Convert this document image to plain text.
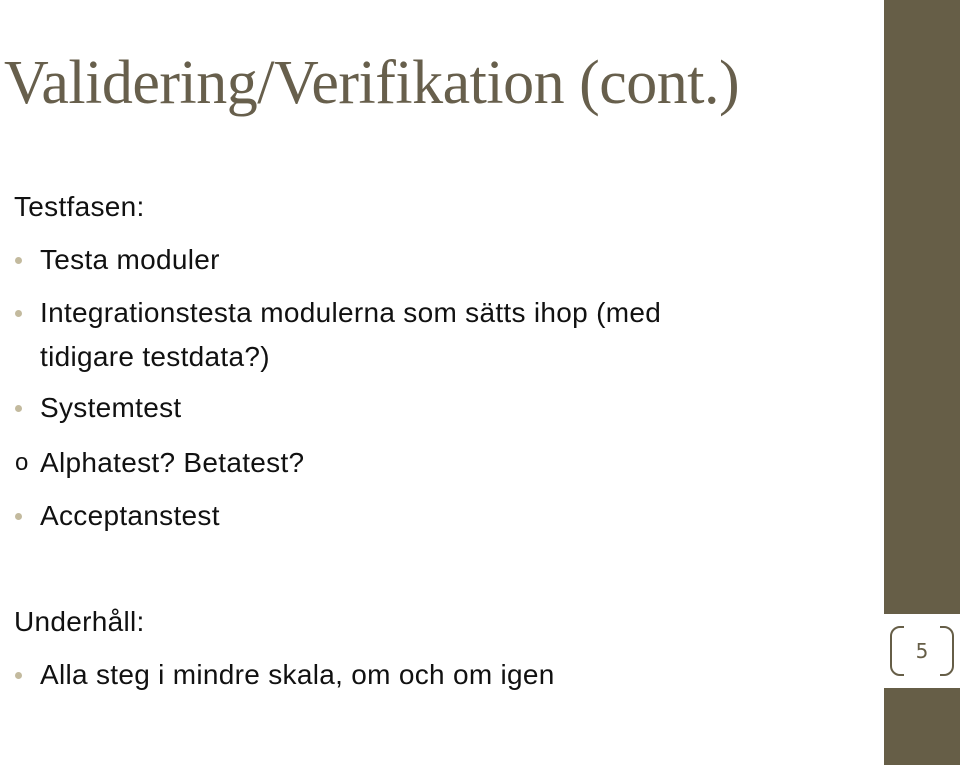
5
Validering/Verifikation (cont.)
Testfasen:
Testa moduler
Integrationstesta modulerna som sätts ihop (med
tidigare testdata?)
Systemtest
o Alphatest? Betatest?
Acceptanstest
Underhåll:
Alla steg i mindre skala, om och om igen
